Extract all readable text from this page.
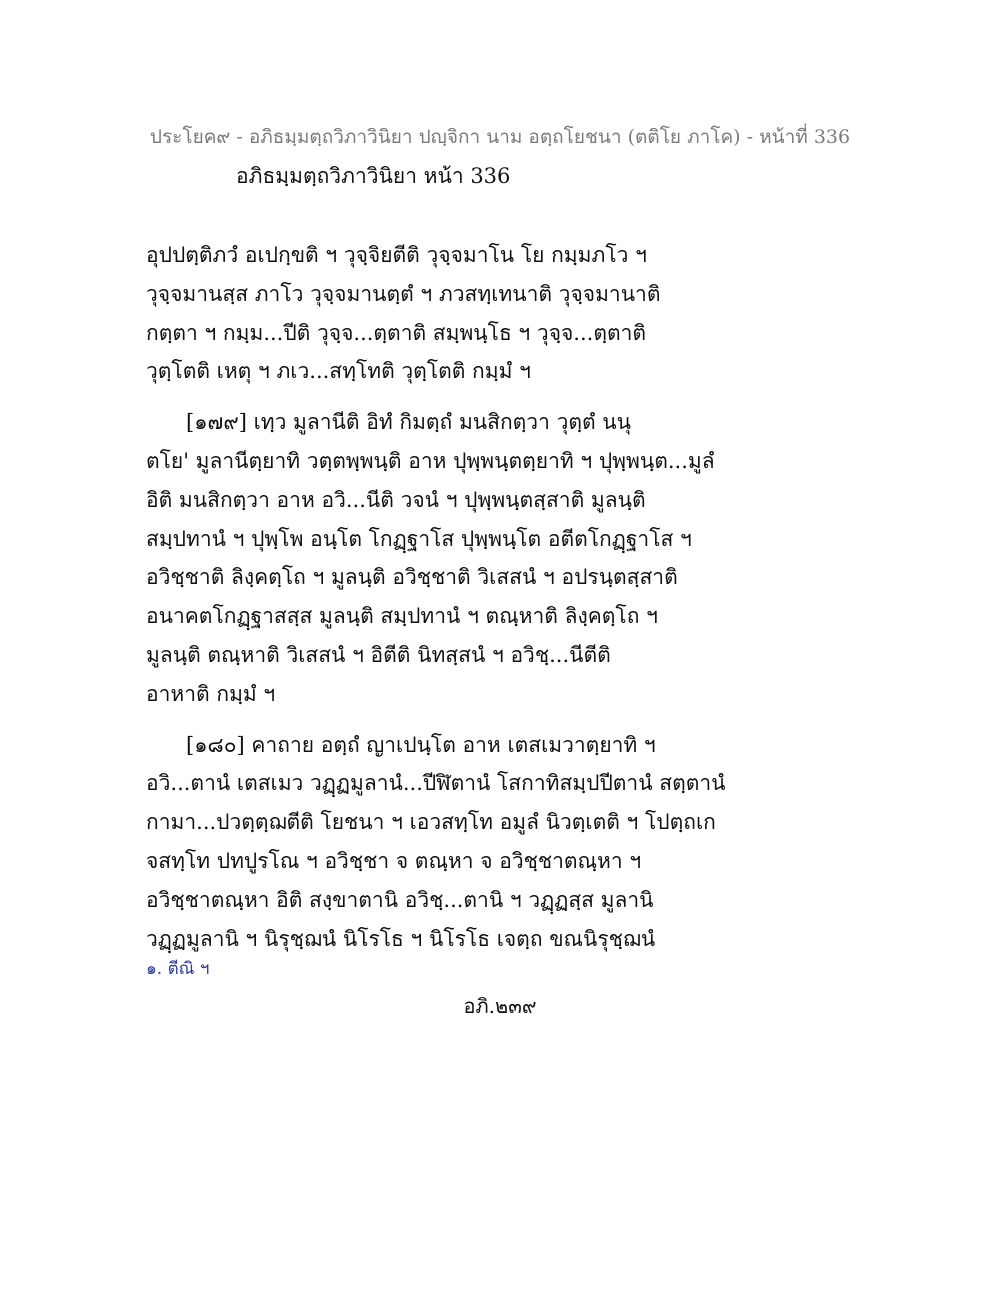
ประโยค๙ - อภิธมฺมตฺถวิภาวินิยา ปญฺจิกา นาม อตฺถโยชนา (ตติโย ภาโค) - หน้าที่ 336
อภิธมฺมตฺถวิภาวินิยา หน้า 336
อุปปตฺติภวํ อเปกฺขติ ฯ วุจฺจิยตีติ วุจฺจมาโน โย กมฺมภโว ฯ
วุจฺจมานสฺส ภาโว วุจฺจมานตฺตํ ฯ ภวสทฺเทนาติ วุจฺจมานาติ
กตฺตา ฯ กมฺม...ปีติ วุจฺจ...ตฺตาติ สมฺพนฺโธ ฯ วุจฺจ...ตฺตาติ
วุตฺโตติ เหตุ ฯ ภเว...สทฺโทติ วุตฺโตติ กมฺมํ ฯ
[๑๗๙] เทฺว มูลานีติ อิทํ กิมตฺถํ มนสิกตฺวา วุตฺตํ นนุ
ตโย' มูลานีตฺยาทิ วตฺตพฺพนฺติ อาห ปุพฺพนฺตตฺยาทิ ฯ ปุพฺพนฺต...มูลํ
อิติ มนสิกตฺวา อาห อวิ...นีติ วจนํ ฯ ปุพฺพนฺตสฺสาติ มูลนฺติ
สมฺปทานํ ฯ ปุพฺโพ อนฺโต โกฏฺฐาโส ปุพฺพนฺโต อตีตโกฏฺฐาโส ฯ
อวิชฺชาติ ลิงฺคตฺโถ ฯ มูลนฺติ อวิชฺชาติ วิเสสนํ ฯ อปรนฺตสฺสาติ
อนาคตโกฏฺฐาสสฺส มูลนฺติ สมฺปทานํ ฯ ตณฺหาติ ลิงฺคตฺโถ ฯ
มูลนฺติ ตณฺหาติ วิเสสนํ ฯ อิตีติ นิทสฺสนํ ฯ อวิชฺ...นีตีติ
อาหาติ กมฺมํ ฯ
[๑๘๐] คาถาย อตฺถํ ญาเปนฺโต อาห เตสเมวาตฺยาทิ ฯ
อวิ...ตานํ เตสเมว วฏฺฏมูลานํ...ปีฬิตานํ โสกาทิสมฺปปีตานํ สตฺตานํ
กามา...ปวตฺตฺฌตีติ โยชนา ฯ เอวสทฺโท อมูลํ นิวตฺเตติ ฯ โปตฺถเก
จสทฺโท ปทปูรโณ ฯ อวิชฺชา จ ตณฺหา จ อวิชฺชาตณฺหา ฯ
อวิชฺชาตณฺหา อิติ สงฺขาตานิ อวิชฺ...ตานิ ฯ วฏฺฏสฺส มูลานิ
วฏฺฏมูลานิ ฯ นิรุชฺฌนํ นิโรโธ ฯ นิโรโธ เจตฺถ ขณนิรุชฺฌนํ
๑. ตีณิ ฯ
อภิ.๒๓๙
